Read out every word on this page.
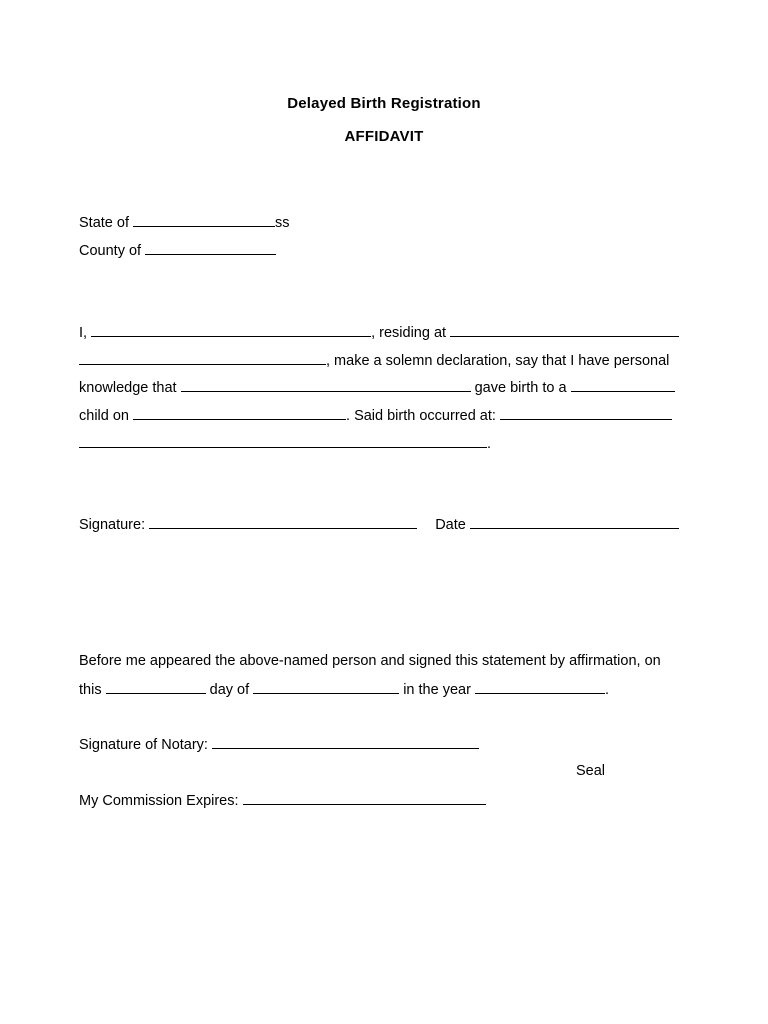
Delayed Birth Registration
AFFIDAVIT
State of	ss
County of
I,	, residing at
, make a solemn declaration, say that I have personal
knowledge that	gave birth to a
child on	. Said birth occurred at:
.
Signature:	Date
Before me appeared the above-named person and signed this statement by affirmation, on
this	day of	in the year	.
Signature of Notary:
Seal
My Commission Expires:
